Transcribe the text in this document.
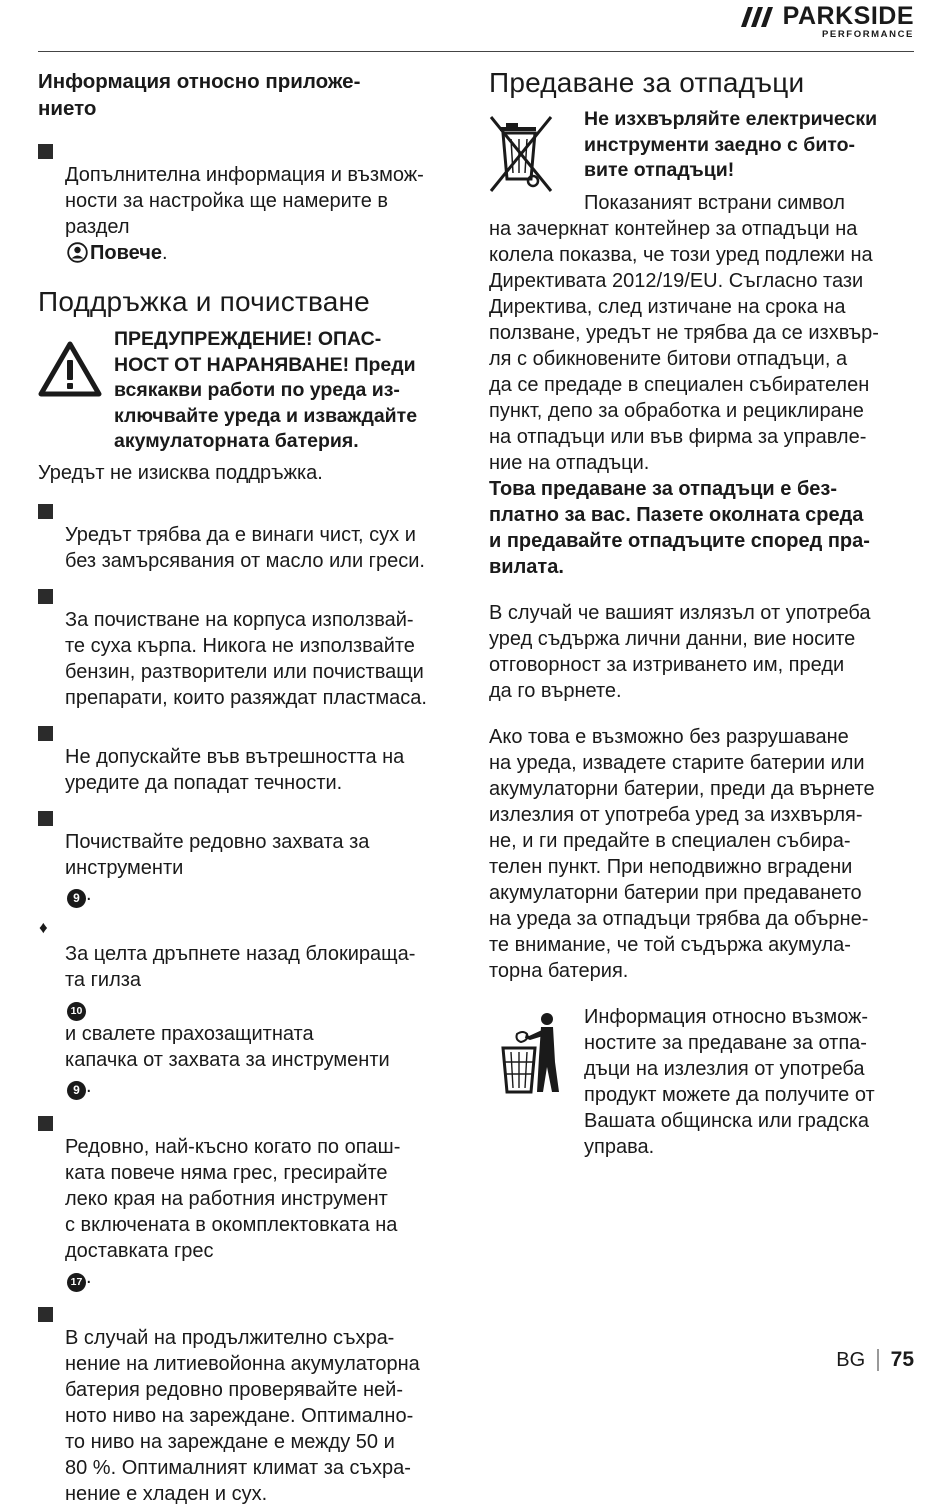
PARKSIDE
PERFORMANCE
Информация относно приложе-
нието

Допълнителна информация и възмож-
ности за настройка ще намерите в
раздел
Повече.

Поддръжка и почистване
ПРЕДУПРЕЖДЕНИЕ! ОПАС-
НОСТ ОТ НАРАНЯВАНЕ! Преди
всякакви работи по уреда из-
ключвайте уреда и изваждайте
акумулаторната батерия.

Уредът не изисква поддръжка.

Уредът трябва да е винаги чист, сух и
без замърсявания от масло или греси.

За почистване на корпуса използвай-
те суха кърпа. Никога не използвайте
бензин, разтворители или почистващи
препарати, които разяждат пластмаса.

Не допускайте във вътрешността на
уредите да попадат течности.

Почиствайте редовно захвата за
инструменти
9 .

♦
За целта дръпнете назад блокираща-
та гилза
10
и свалете прахозащитната
капачка от захвата за инструменти
9 .

Редовно, най-късно когато по опаш-
ката повече няма грес, гресирайте
леко края на работния инструмент
с включената в окомплектовката на
доставката грес
17 .

В случай на продължително съхра-
нение на литиевойонна акумулаторна
батерия редовно проверявайте ней-
ното ниво на зареждане. Оптимално-
то ниво на зареждане е между 50 и
80 %. Оптималният климат за съхра-
нение е хладен и сух.

Предаване за отпадъци
Не изхвърляйте електрически
инструменти заедно с бито-
вите отпадъци!

Показаният встрани символ

на зачеркнат контейнер за отпадъци на
колела показва, че този уред подлежи на
Директивата 2012/19/EU. Съгласно тази
Директива, след изтичане на срока на
ползване, уредът не трябва да се изхвър-
ля с обикновените битови отпадъци, а
да се предаде в специален събирателен
пункт, депо за обработка и рециклиране
на отпадъци или във фирма за управле-
ние на отпадъци.

Това предаване за отпадъци е без-
платно за вас. Пазете околната среда
и предавайте отпадъците според пра-
вилата.

В случай че вашият излязъл от употреба
уред съдържа лични данни, вие носите
отговорност за изтриването им, преди
да го върнете.

Ако това е възможно без разрушаване
на уреда, извадете старите батерии или
акумулаторни батерии, преди да върнете
излезлия от употреба уред за изхвърля-
не, и ги предайте в специален събира-
телен пункт. При неподвижно вградени
акумулаторни батерии при предаването
на уреда за отпадъци трябва да обърне-
те внимание, че той съдържа акумула-
торна батерия.

Информация относно възмож-
ностите за предаване за отпа-
дъци на излезлия от употреба
продукт можете да получите от
Вашата общинска или градска
управа.

BG 75
